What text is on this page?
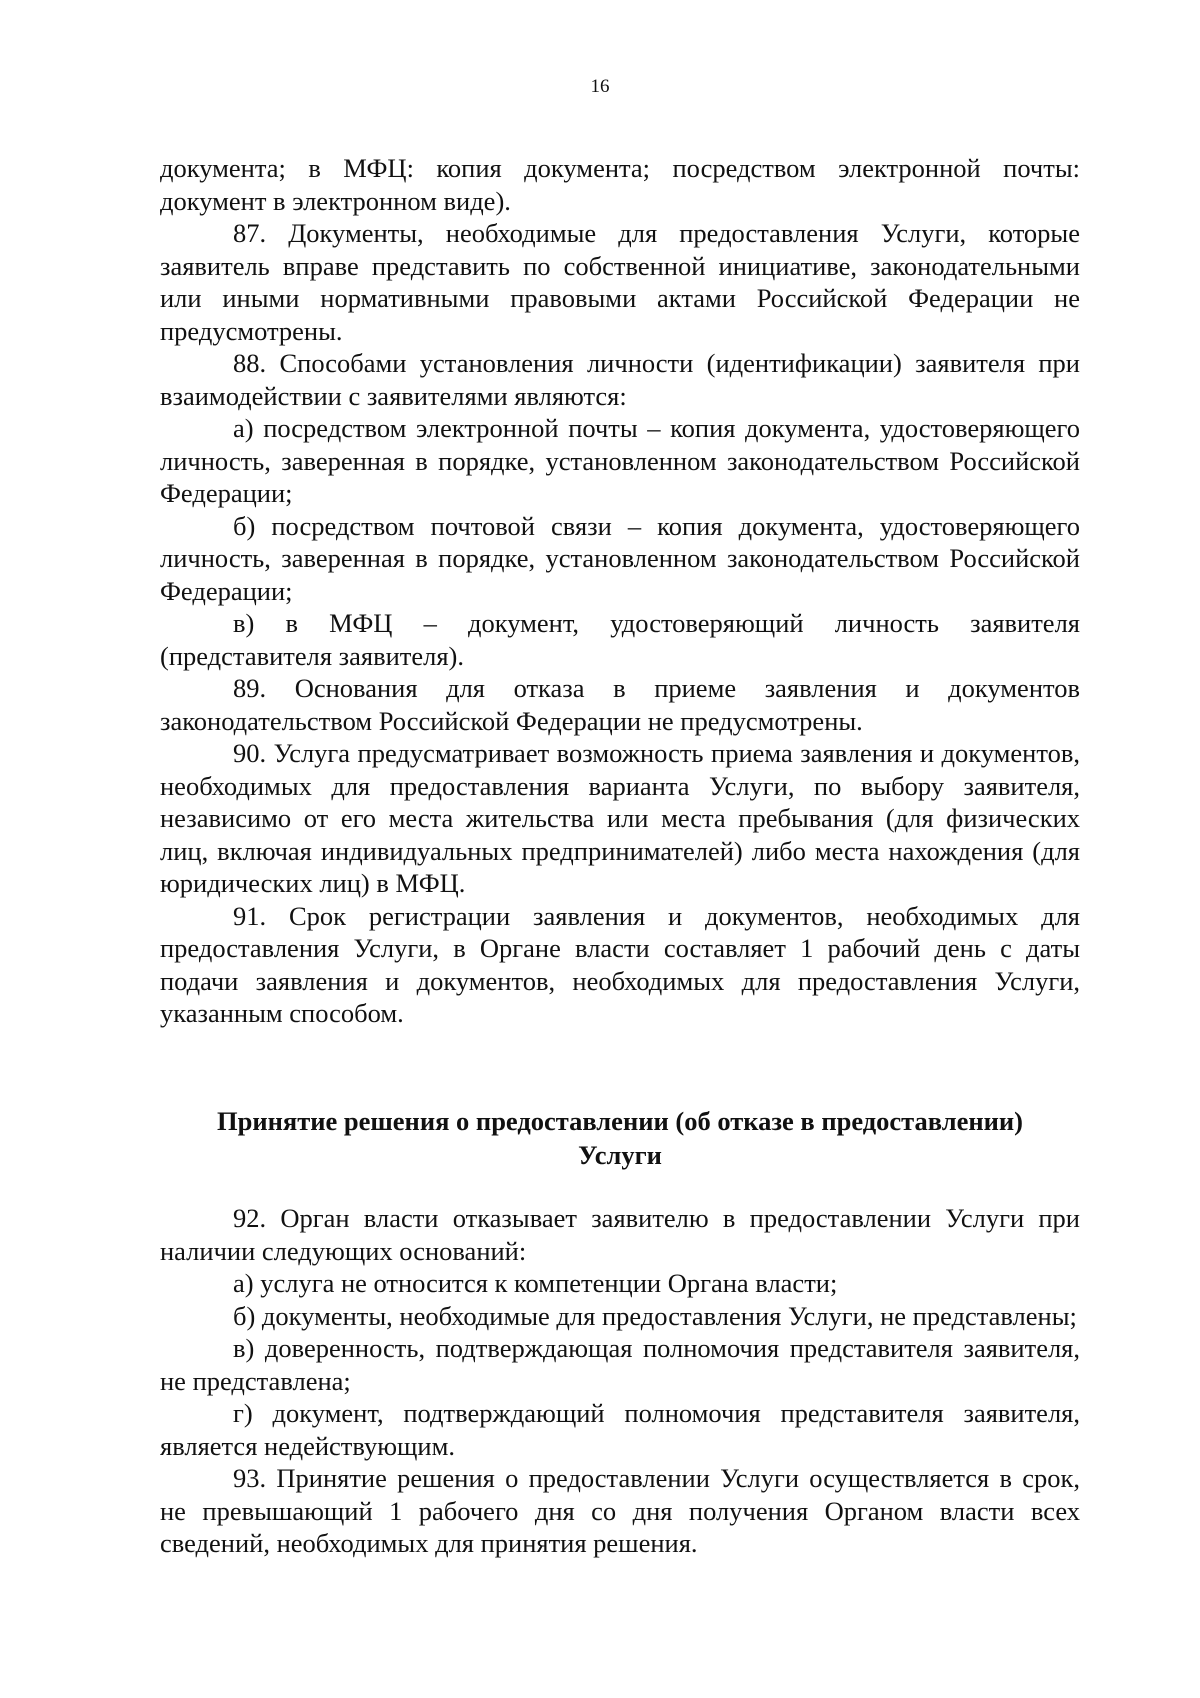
16

документа; в МФЦ: копия документа; посредством электронной почты: документ в электронном виде).

87. Документы, необходимые для предоставления Услуги, которые заявитель вправе представить по собственной инициативе, законодательными или иными нормативными правовыми актами Российской Федерации не предусмотрены.

88. Способами установления личности (идентификации) заявителя при взаимодействии с заявителями являются:

а) посредством электронной почты – копия документа, удостоверяющего личность, заверенная в порядке, установленном законодательством Российской Федерации;

б) посредством почтовой связи – копия документа, удостоверяющего личность, заверенная в порядке, установленном законодательством Российской Федерации;

в) в МФЦ – документ, удостоверяющий личность заявителя (представителя заявителя).

89. Основания для отказа в приеме заявления и документов законодательством Российской Федерации не предусмотрены.

90. Услуга предусматривает возможность приема заявления и документов, необходимых для предоставления варианта Услуги, по выбору заявителя, независимо от его места жительства или места пребывания (для физических лиц, включая индивидуальных предпринимателей) либо места нахождения (для юридических лиц) в МФЦ.

91. Срок регистрации заявления и документов, необходимых для предоставления Услуги, в Органе власти составляет 1 рабочий день с даты подачи заявления и документов, необходимых для предоставления Услуги, указанным способом.

Принятие решения о предоставлении (об отказе в предоставлении)
Услуги

92. Орган власти отказывает заявителю в предоставлении Услуги при наличии следующих оснований:

а) услуга не относится к компетенции Органа власти;

б) документы, необходимые для предоставления Услуги, не представлены;

в) доверенность, подтверждающая полномочия представителя заявителя, не представлена;

г) документ, подтверждающий полномочия представителя заявителя, является недействующим.

93. Принятие решения о предоставлении Услуги осуществляется в срок, не превышающий 1 рабочего дня со дня получения Органом власти всех сведений, необходимых для принятия решения.
